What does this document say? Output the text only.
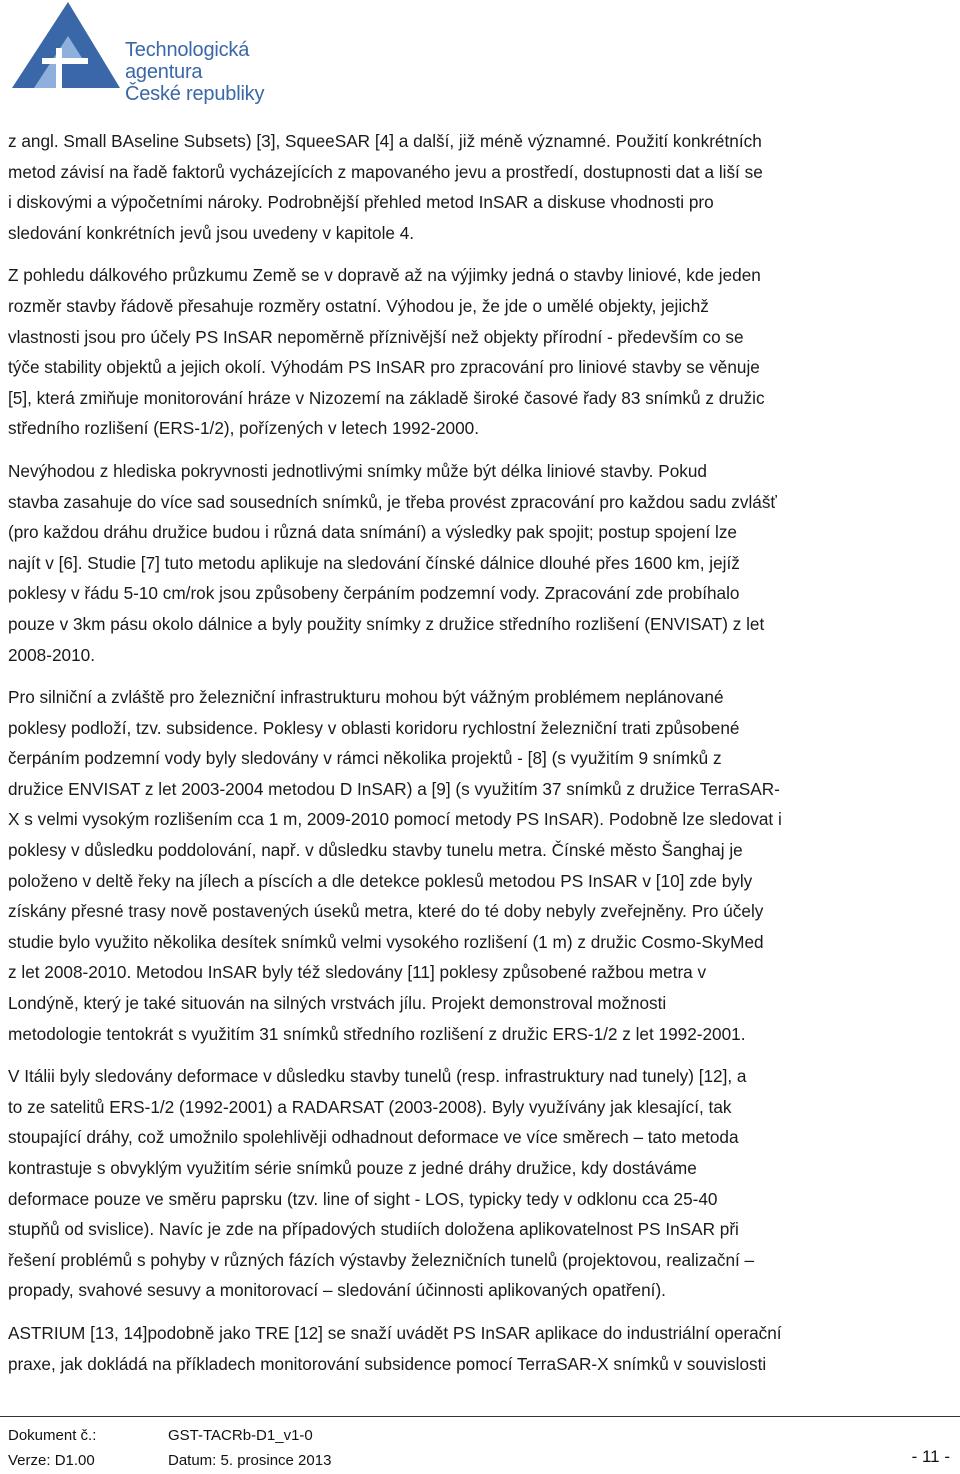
Technologická agentura
České republiky

z angl. Small BAseline Subsets) [3], SqueeSAR [4] a další, již méně významné. Použití konkrétních
metod závisí na řadě faktorů vycházejících z mapovaného jevu a prostředí, dostupnosti dat a liší se
i diskovými a výpočetními nároky. Podrobnější přehled metod InSAR a diskuse vhodnosti pro
sledování konkrétních jevů jsou uvedeny v kapitole 4.

Z pohledu dálkového průzkumu Země se v dopravě až na výjimky jedná o stavby liniové, kde jeden
rozměr stavby řádově přesahuje rozměry ostatní. Výhodou je, že jde o umělé objekty, jejichž
vlastnosti jsou pro účely PS InSAR nepoměrně příznivější než objekty přírodní - především co se
týče stability objektů a jejich okolí. Výhodám PS InSAR pro zpracování pro liniové stavby se věnuje
[5], která zmiňuje monitorování hráze v Nizozemí na základě široké časové řady 83 snímků z družic
středního rozlišení (ERS-1/2), pořízených v letech 1992-2000.

Nevýhodou z hlediska pokryvnosti jednotlivými snímky může být délka liniové stavby. Pokud
stavba zasahuje do více sad sousedních snímků, je třeba provést zpracování pro každou sadu zvlášť
(pro každou dráhu družice budou i různá data snímání) a výsledky pak spojit; postup spojení lze
najít v [6]. Studie [7] tuto metodu aplikuje na sledování čínské dálnice dlouhé přes 1600 km, jejíž
poklesy v řádu 5-10 cm/rok jsou způsobeny čerpáním podzemní vody. Zpracování zde probíhalo
pouze v 3km pásu okolo dálnice a byly použity snímky z družice středního rozlišení (ENVISAT) z let
2008-2010.

Pro silniční a zvláště pro železniční infrastrukturu mohou být vážným problémem neplánované
poklesy podloží, tzv. subsidence. Poklesy v oblasti koridoru rychlostní železniční trati způsobené
čerpáním podzemní vody byly sledovány v rámci několika projektů - [8] (s využitím 9 snímků z
družice ENVISAT z let 2003-2004 metodou D InSAR) a [9] (s využitím 37 snímků z družice TerraSAR-
X s velmi vysokým rozlišením cca 1 m, 2009-2010 pomocí metody PS InSAR). Podobně lze sledovat i
poklesy v důsledku poddolování, např. v důsledku stavby tunelu metra. Čínské město Šanghaj je
položeno v deltě řeky na jílech a píscích a dle detekce poklesů metodou PS InSAR v [10] zde byly
získány přesné trasy nově postavených úseků metra, které do té doby nebyly zveřejněny. Pro účely
studie bylo využito několika desítek snímků velmi vysokého rozlišení (1 m) z družic Cosmo-SkyMed
z let 2008-2010. Metodou InSAR byly též sledovány [11] poklesy způsobené ražbou metra v
Londýně, který je také situován na silných vrstvách jílu. Projekt demonstroval možnosti
metodologie tentokrát s využitím 31 snímků středního rozlišení z družic ERS-1/2 z let 1992-2001.

V Itálii byly sledovány deformace v důsledku stavby tunelů (resp. infrastruktury nad tunely) [12], a
to ze satelitů ERS-1/2 (1992-2001) a RADARSAT (2003-2008). Byly využívány jak klesající, tak
stoupající dráhy, což umožnilo spolehlivěji odhadnout deformace ve více směrech – tato metoda
kontrastuje s obvyklým využitím série snímků pouze z jedné dráhy družice, kdy dostáváme
deformace pouze ve směru paprsku (tzv. line of sight - LOS, typicky tedy v odklonu cca 25-40
stupňů od svislice). Navíc je zde na případových studiích doložena aplikovatelnost PS InSAR při
řešení problémů s pohyby v různých fázích výstavby železničních tunelů (projektovou, realizační –
propady, svahové sesuvy a monitorovací – sledování účinnosti aplikovaných opatření).

ASTRIUM [13, 14]podobně jako TRE [12] se snaží uvádět PS InSAR aplikace do industriální operační
praxe, jak dokládá na příkladech monitorování subsidence pomocí TerraSAR-X snímků v souvislosti

Dokument č.:	GST-TACRb-D1_v1-0
Verze: D1.00	Datum: 5. prosince 2013	- 11 -
